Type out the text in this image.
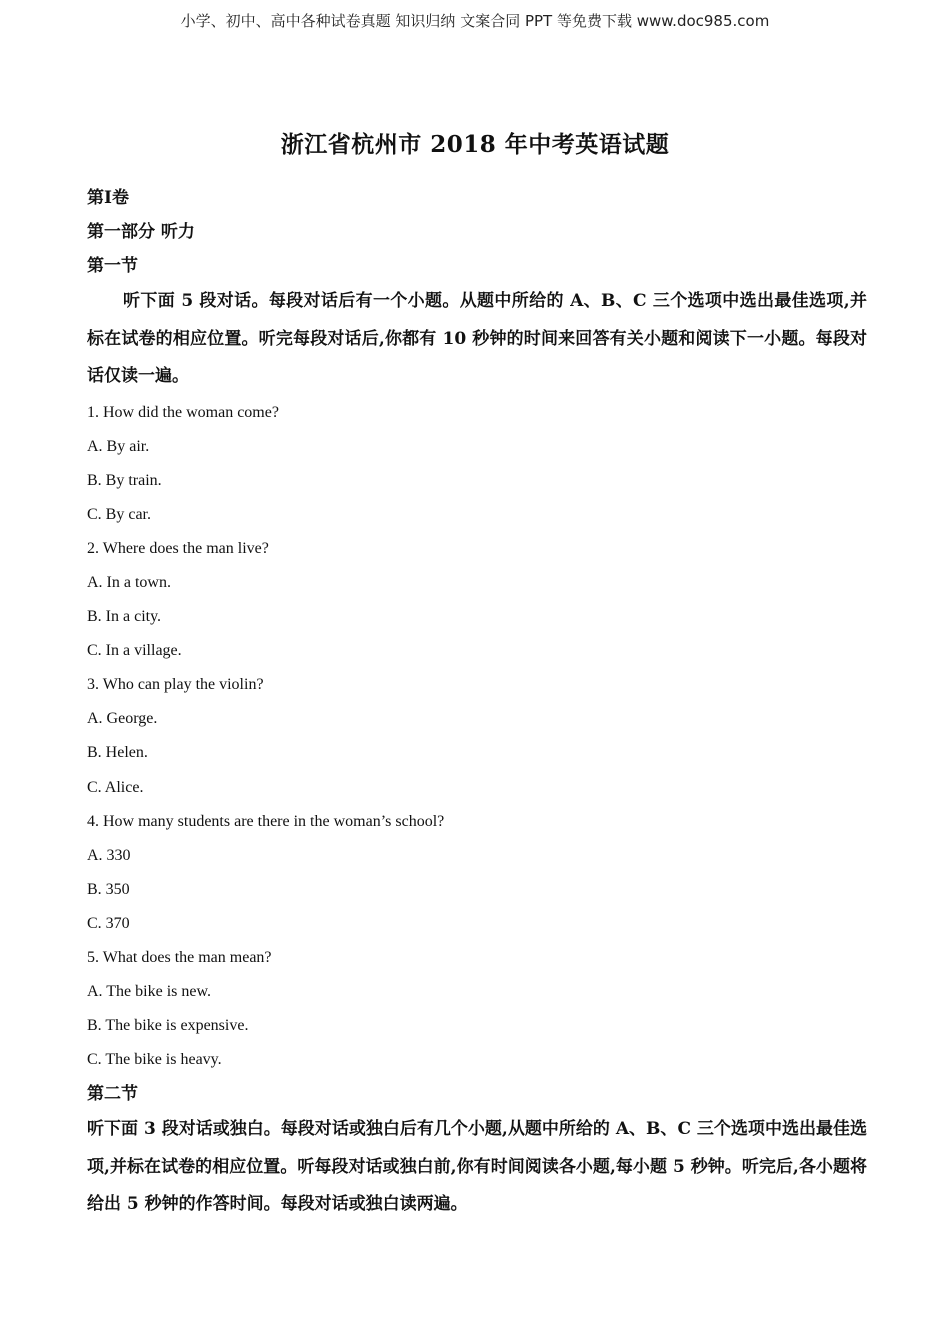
小学、初中、高中各种试卷真题 知识归纳 文案合同 PPT 等免费下载 www.doc985.com
浙江省杭州市 2018 年中考英语试题
第Ⅰ卷
第一部分 听力
第一节

听下面 5 段对话。每段对话后有一个小题。从题中所给的 A、B、C 三个选项中选出最佳选项,并标在试卷的相应位置。听完每段对话后,你都有 10 秒钟的时间来回答有关小题和阅读下一小题。每段对话仅读一遍。

1. How did the woman come?
A. By air.
B. By train.
C. By car.
2. Where does the man live?
A. In a town.
B. In a city.
C. In a village.
3. Who can play the violin?
A. George.
B. Helen.
C. Alice.
4. How many students are there in the woman’s school?
A. 330
B. 350
C. 370
5. What does the man mean?
A. The bike is new.
B. The bike is expensive.
C. The bike is heavy.
第二节

听下面 3 段对话或独白。每段对话或独白后有几个小题,从题中所给的 A、B、C 三个选项中选出最佳选项,并标在试卷的相应位置。听每段对话或独白前,你有时间阅读各小题,每小题 5 秒钟。听完后,各小题将给出 5 秒钟的作答时间。每段对话或独白读两遍。
